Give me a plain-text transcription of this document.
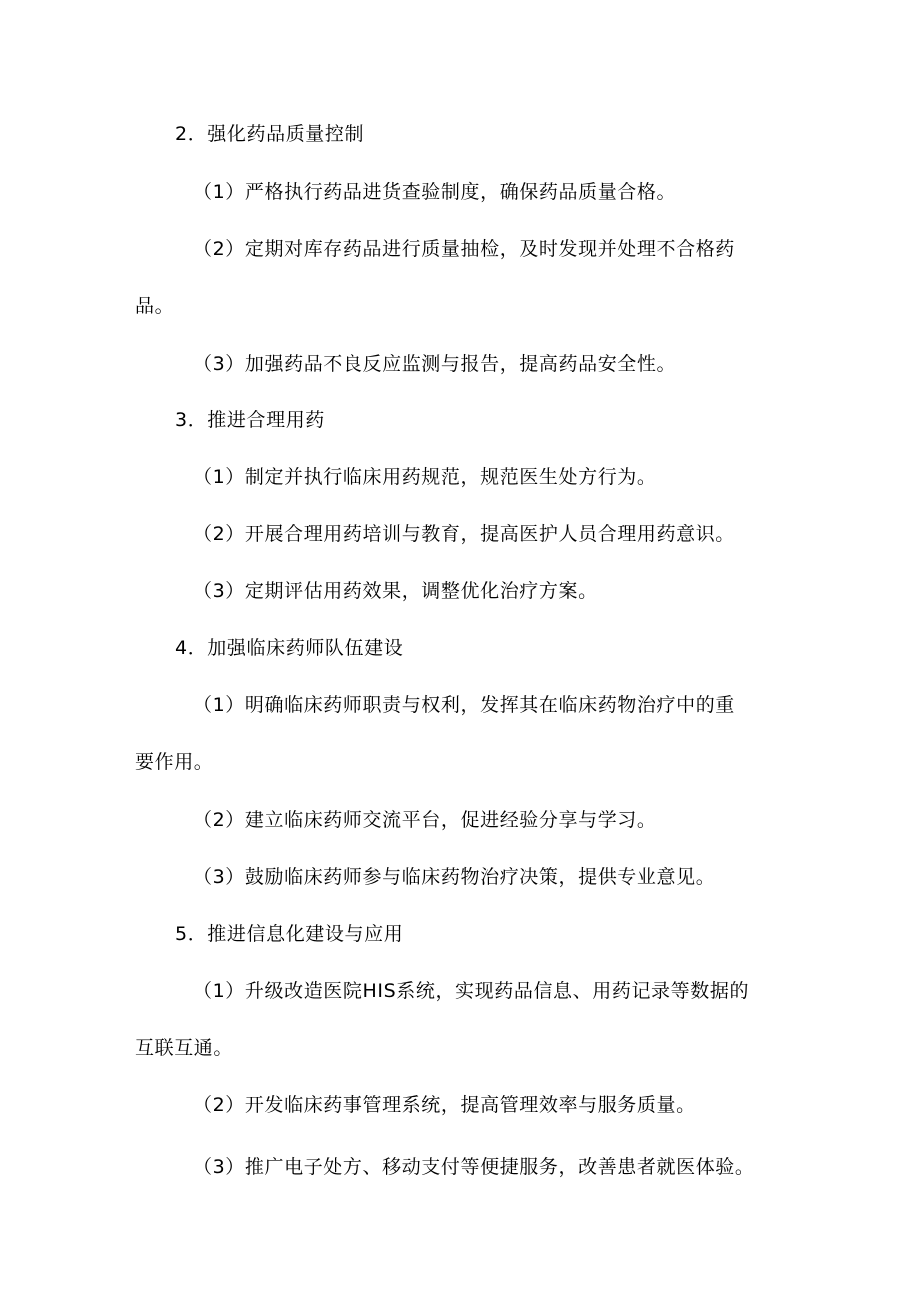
2．强化药品质量控制
（1）严格执行药品进货查验制度，确保药品质量合格。
（2）定期对库存药品进行质量抽检，及时发现并处理不合格药
品。
（3）加强药品不良反应监测与报告，提高药品安全性。
3．推进合理用药
（1）制定并执行临床用药规范，规范医生处方行为。
（2）开展合理用药培训与教育，提高医护人员合理用药意识。
（3）定期评估用药效果，调整优化治疗方案。
4．加强临床药师队伍建设
（1）明确临床药师职责与权利，发挥其在临床药物治疗中的重
要作用。
（2）建立临床药师交流平台，促进经验分享与学习。
（3）鼓励临床药师参与临床药物治疗决策，提供专业意见。
5．推进信息化建设与应用
（1）升级改造医院HIS系统，实现药品信息、用药记录等数据的
互联互通。
（2）开发临床药事管理系统，提高管理效率与服务质量。
（3）推广电子处方、移动支付等便捷服务，改善患者就医体验。
